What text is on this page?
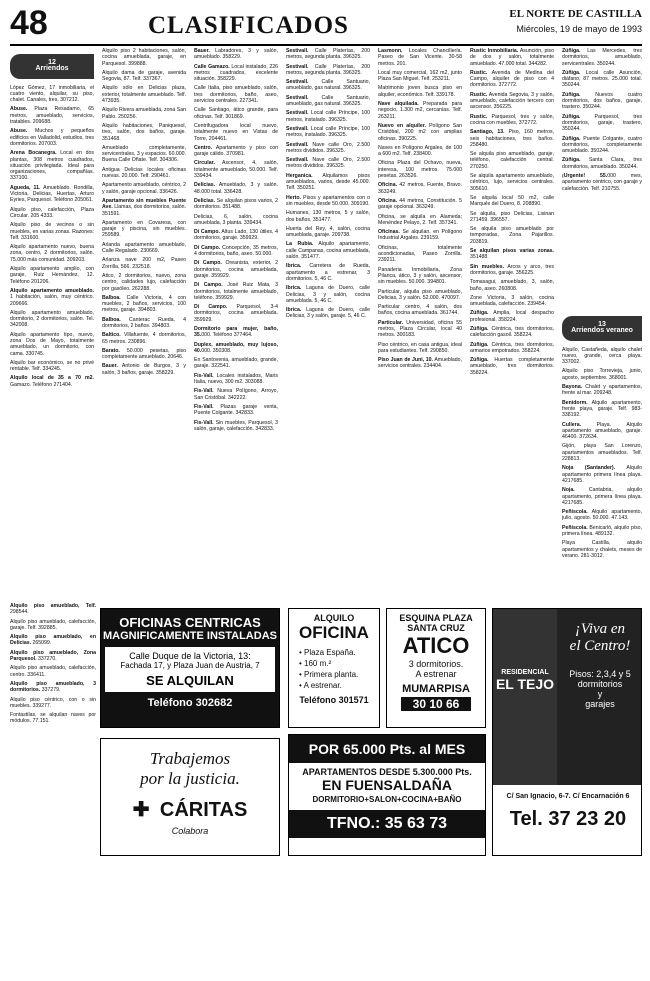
48	CLASIFICADOS	EL NORTE DE CASTILLA
Miércoles, 19 de mayo de 1993
12
Arriendos

López Gómez, 17 inmobiliaria, el cuatro viento, alquilar, su piso, chalet. Canales, tres. 307212.

Abuse. Plaza Resadamo, 65 metros, amueblado, servicios, tratables. 209688.

Abuse. Muchos y pequeños edificios en Valladolid, estudios, tres dormitorios. 207003.

Arena Bocanegra. Local en dos plantas, 308 metros cuadrados, situación privilegiada. Ideal para organizaciones, compañías. 337100.

Agueda, 11. Amueblado. Rondilla, Victoria, Delicias, Huertas, Arturo Eyries, Parquesol. Teléfono 205061.

Alquilo piso, calefacción, Plaza Circular. 205 4333.

Alquilo piso de vecinos o sin muebles, en varias zonas. Razones: Telf. 331600.

Alquilo apartamento nuevo, buena zona, centro, 2 dormitorios, salón. 75.000 más comunidad. 309203.

Alquilo apartamento amplio, con garaje, Ruiz Hernández, 12. Teléfono 201206.

Alquilo apartamento amueblado. 1 habitación, salón, muy céntrico. 209666.

Alquilo apartamento amueblado, dormitorio, 2 dormitorios, salón. Tel. 342008.

Alquilo apartamento tipo, nuevo, zona Dos de Mayo, totalmente amueblado, un dormitorio, con cama. 330745.

Alquilo bar económico, se no privé rentable. Telf. 334245.

Alquilo local de 35 a 70 m2. Gamazo. Teléfono 271404.

Alquilo piso 2 habitaciones, salón, cocina amueblada, garaje, en Parquesol. 399888.

Alquilo dama de garaje, avenida Segovia, 87. Telf. 337367.

Alquilo sólo en Delicias plaza, exterior, totalmente amueblado. Telf. 473935.

Alquilo Rivera amueblada, zona San Pablo. 250256.

Alquilo habitaciones, Paniquesol, tres, salón, dos baños, garaje. 351468.

Amueblado completamente, servicentrales, 3 y espacios. 60.000. Buena Calle Oñate. Telf. 304306.

Antigua Delicias locales oficinas nuevas. 20.000. Telf. 290461.

Apartamento amueblado, céntrico, 2 y salón, garaje opcional. 336426.

Apartamento sin muebles Puente Ave. Llamas, dos dormitorios, salón. 351591.

Apartamento en Covaresa, con garaje y piscina, sin muebles. 259589.

Arlanda apartamento amueblado, Calle Regalado. 230669.

Arlanza nave 200 m2, Paseo Zorrilla, 566. 232518.

Atico, 2 dormitorios, nuevo, zona centro, calidades lujo, calefacción por gasóleo. 262288.

Balboa. Calle Victoria, 4 con muebles, 2 baños, servicios, 100 metros, garaje. 394803.

Balboa. Canterac Rueda, 4 dormitorios, 2 baños. 394803.

Baltico. Villafuente, 4 dormitorios, 65 metros. 230896.

Barato. 50.000 pesetas, piso completamente amueblado. 20646.

Bauer. Antonio de Burgos, 3 y salón, 3 baños, garaje. 358229.

Bauer. Labradores, 3 y salón, amueblado. 358229.

Calle Gamazo. Local instalado, 226 metros cuadrados, excelente situación. 358229.

Calle Italia, piso amueblado, salón, tres dormitorios, baño, aseo, servicios centrales. 227341.

Calle Santiago, ático grande, para oficinas. Telf. 301869.

Centrifugadora local nuevo, totalmente nuevo en Vistas de Torre, 204461.

Centro. Apartamento y piso con garaje cálido. 370981.

Circular. Ascensor, 4, salón, totalmente amueblado, 50.000. Telf. 339434.

Delicias. Amueblado, 3 y salón. 48.000 total. 336428.

Delicias. Se alquilan pisos varios, 2 dormitorios. 351488.

Delicias, 6, salón, cocina amueblada, 3 planta. 339434.

Di Campo. Altus Lado, 130 útiles, 4 dormitorios, garaje. 359929.

Di Campo. Concepción, 35 metros, 4 dormitorios, baño, aseo. 50.000.

Di Campo. Oreanista, exterior, 2 dormitorios, cocina amueblada, garaje. 359929.

Di Campo. José Ruiz Mata, 3 dormitorios, totalmente amueblado, teléfono. 359929.

Di Campo. Parquesol, 3-4 dormitorios, cocina amueblada. 359929.

Dormitorio para mujer, baño, 35.000. Teléfono 377464.

Duplex, amueblado, muy lujoso, 40.000. 350308.

En Santovenia, amueblado, grande, garaje. 322541.

Fis-Vall. Locales instalados, Maris Italia, nuevo, 300 m2. 303088.

Fis-Vall. Nueva Polígono, Arroyo, San Cristóbal. 342222.

Fis-Vall. Plazas garaje venta, Puente Colgante. 342833.

Fis-Vall. Sin muebles, Parquesol, 3 salón, garaje, calefacción. 342833.

Sestivall. Calle Platerías, 200 metros, segunda planta. 396325.

Sestivall. Calle Platerías, 200 metros, segunda planta. 396325.

Sestivall. Calle Santuario, amueblado, gas natural. 396325.

Sestivall. Calle Santuario, amueblado, gas natural. 396325.

Sestivall. Local calle Príncipe, 100 metros, instalado. 396325.

Sestivall. Local calle Príncipe, 100 metros, instalado. 396325.

Sestivall. Nave calle Oro, 2.500 metros divididos. 396325.

Sestivall. Nave calle Oro, 2.500 metros divididos. 396325.

Herganica. Alquilamos pisos amueblados, varios, desde 45.000. Telf. 350251.

Herto. Pisos y apartamentos con o sin muebles, desde 50.000. 309190.

Humanes, 130 metros, 5 y salón, dos baños. 351477.

Huerta del Rey, 4, salón, cocina amueblada, garaje. 209738.

La Rubia. Alquilo apartamento, calle Campanas, cocina amueblada, salón. 351477.

Ibrica. Carretera de Rueda, apartamento a estrenar, 3 dormitorios. 5, 46 C.

Ibrica. Laguna de Duero, calle Delicias, 3 y salón, cocina amueblada. 5, 46 C.

Ibrica. Laguna de Duero, calle Delicias, 3 y salón, garaje. 5, 46 C.

Lasmonn. Locales Chancillería. Paseo de San Vicente. 30-58 metros. 201.

Local muy comercial, 162 m2, junto Plaza San Miguel. Telf. 253211.

Matrimonio joven busca piso en alquiler, económico. Telf. 339178.

Nave alquilada. Preparada para negocio, 1.300 m2, cercanías. Telf. 263211.

Nuevo en alquiler. Polígono San Cristóbal, 200 m2 con amplias oficinas. 390225.

Naves en Polígono Argales, de 100 a 600 m2. Telf. 238400.

Oficina Plaza del Ochavo, nueva, interesa, 100 metros. 75.000 pesetas. 263526.

Oficina. 42 metros, Fuente, Bravo. 363249.

Oficina. 44 metros, Constitución. 5 garaje opcional. 363249.

Oficina, se alquila en Alameda; Menéndez Pelayo, 2. Telf. 357341.

Oficinas. Se alquilan, en Polígono Industrial Argales. 239159.

Oficinas, totalmente acondicionadas, Paseo Zorrilla. 239211.

Panaderia Inmobiliaria, Zona Pilarica, ático, 3 y salón, ascensor, sin muebles. 50.000. 394801.

Particular, alquila piso amueblado, Delicias, 3 y salón. 52.000. 470097.

Particular centro, 4 salón, dos baños, cocina amueblada. 361744.

Particular. Universidad, oficina 55 metros, Plaza Circular, local 40 metros. 300183.

Piso céntrico, en casa antigua, ideal para estudiantes. Telf. 290850.

Piso Juan de Juni, 10. Amueblado, servicios centrales. 234404.

Rustic Inmobiliaria. Asunción, piso de dos y salón, totalmente amueblado. 47.000 total. 344282.

Rustic. Avenida de Medina del Campo, alquiler de piso con 4 dormitorios. 372772.

Rustic. Avenida Segovia, 3 y salón, amueblado, calefacción tercero con ascensor. 356225.

Rustic. Parquesol, tres y salón, cocina con muebles, 372772.

Santiago, 13. Piso, 160 metros, seis habitaciones, tres baños. 258480.

Se alquila piso amueblado, garaje, teléfono, calefacción central. 270250.

Se alquila apartamento amueblado, céntrico, lujo, servicios centrales. 305610.

Se alquila local 50 m2, calle Marqués del Duero, 8. 208890.

Se alquila, piso Delicias, Lisinan 271459. 396557.

Se alquila piso amueblado por temporadas, Zona Pajarillos. 203819.

Se alquilan pisos varias zonas. 351488.

Sin muebles. Arcos y arco, tres dormitorios, garaje. 356225.

Tomasagui, amueblado, 3, salón, baño, aseo. 260808.

Zone Victoria, 3 salón, cocina amueblada, calefacción. 239454.

Zúñiga. Amplia, local despacho profesional. 358224.

Zúñiga. Céntrica, tres dormitorios, calefacción gasoil. 358224.

Zúñiga. Céntrica, tres dormitorios, armarios empotrados. 358224.

Zúñiga. Huertas completamente amueblado, tres dormitorios. 358224.

Zúñiga. Las Mercedes, tres dormitorios, amueblado, servicentrales. 350244.

Zúñiga. Local calle Asunción, diáfano, 87 metros. 25.000 total. 350244.

Zúñiga. Nuevos cuatro dormitorios, dos baños, garaje, trastero. 350244.

Zúñiga. Parquesol, tres dormitorios, garaje, trastero, 350244.

Zúñiga. Puente Colgante, cuatro dormitorios, completamente amueblado. 350244.

Zúñiga. Santa Clara, tres dormitorios, amueblado. 350244.

¡Urgente! 55.000 mes, apartamento céntrico, con garaje y calefacción. Telf. 210755.

13
Arriendos veraneo

Alquilo, Castañeda, alquilo chalet nuevo, grande, cerca playa. 337002.

Alquilo piso Torrevieja, junio, agosto, septiembre. 368001.

Bayona. Chalet y apartamentos, frente al mar. 209248.

Benidorm. Alquilo apartamento, frente playa, garaje. Telf. 983-338192.

Cullera. Playa. Alquilo apartamento amueblado, garaje. 46400. 372634.

Gijón, playa San Lorenzo, apartamentos amueblados. Telf. 228813.

Noja (Santander). Alquilo apartamento primera línea playa. 4217685.

Noja. Cantabria, alquilo apartamento, primera línea playa. 4217685.

Peñíscola. Alquilo apartamento, julio, agosto. 50.000. 47.143.

Peñíscola. Benicarló, alquilo piso, primera línea. 489132.

Playa Castilla, alquilo apartamentos y chalets, meses de verano. 281-3012.

Alquilo piso amueblado, Telf. 298544.

Alquilo piso amueblado, calefacción, garaje. Telf. 392885.

Alquilo piso amueblado, en Delicias. 265099.

Alquilo piso amueblado, Zona Parquesol. 337270.

Alquilo piso amueblado, calefacción, centro. 336411.

Alquilo piso amueblado, 3 dormitorios. 337279.

Alquilo piso céntrico, con o sin muebles. 339277.

Fontastilas, se alquilan naves por módulos. 77.151.

OFICINAS CENTRICAS
MAGNIFICAMENTE INSTALADAS
Calle Duque de la Victoria, 13:
Fachada 17, y Plaza Juan de Austria, 7
SE ALQUILAN
Teléfono 302682
Trabajemos
por la justicia.
✚ CÁRITAS
Colabora
ALQUILO
OFICINA
• Plaza España.
• 160 m.²
• Primera planta.
• A estrenar.
Teléfono 301571
ESQUINA PLAZA
SANTA CRUZ
ATICO
3 dormitorios.
A estrenar
MUMARPISA
30 10 66
POR 65.000 Pts. al MES
APARTAMENTOS DESDE 5.300.000 Pts.
EN FUENSALDAÑA
DORMITORIO+SALON+COCINA+BAÑO
TFNO.: 35 63 73
RESIDENCIAL
EL TEJO
¡Viva en
el Centro!
Pisos: 2,3,4 y 5
dormitorios
y
garajes
C/ San Ignacio, 6-7. C/ Encarnación 6
Tel. 37 23 20
